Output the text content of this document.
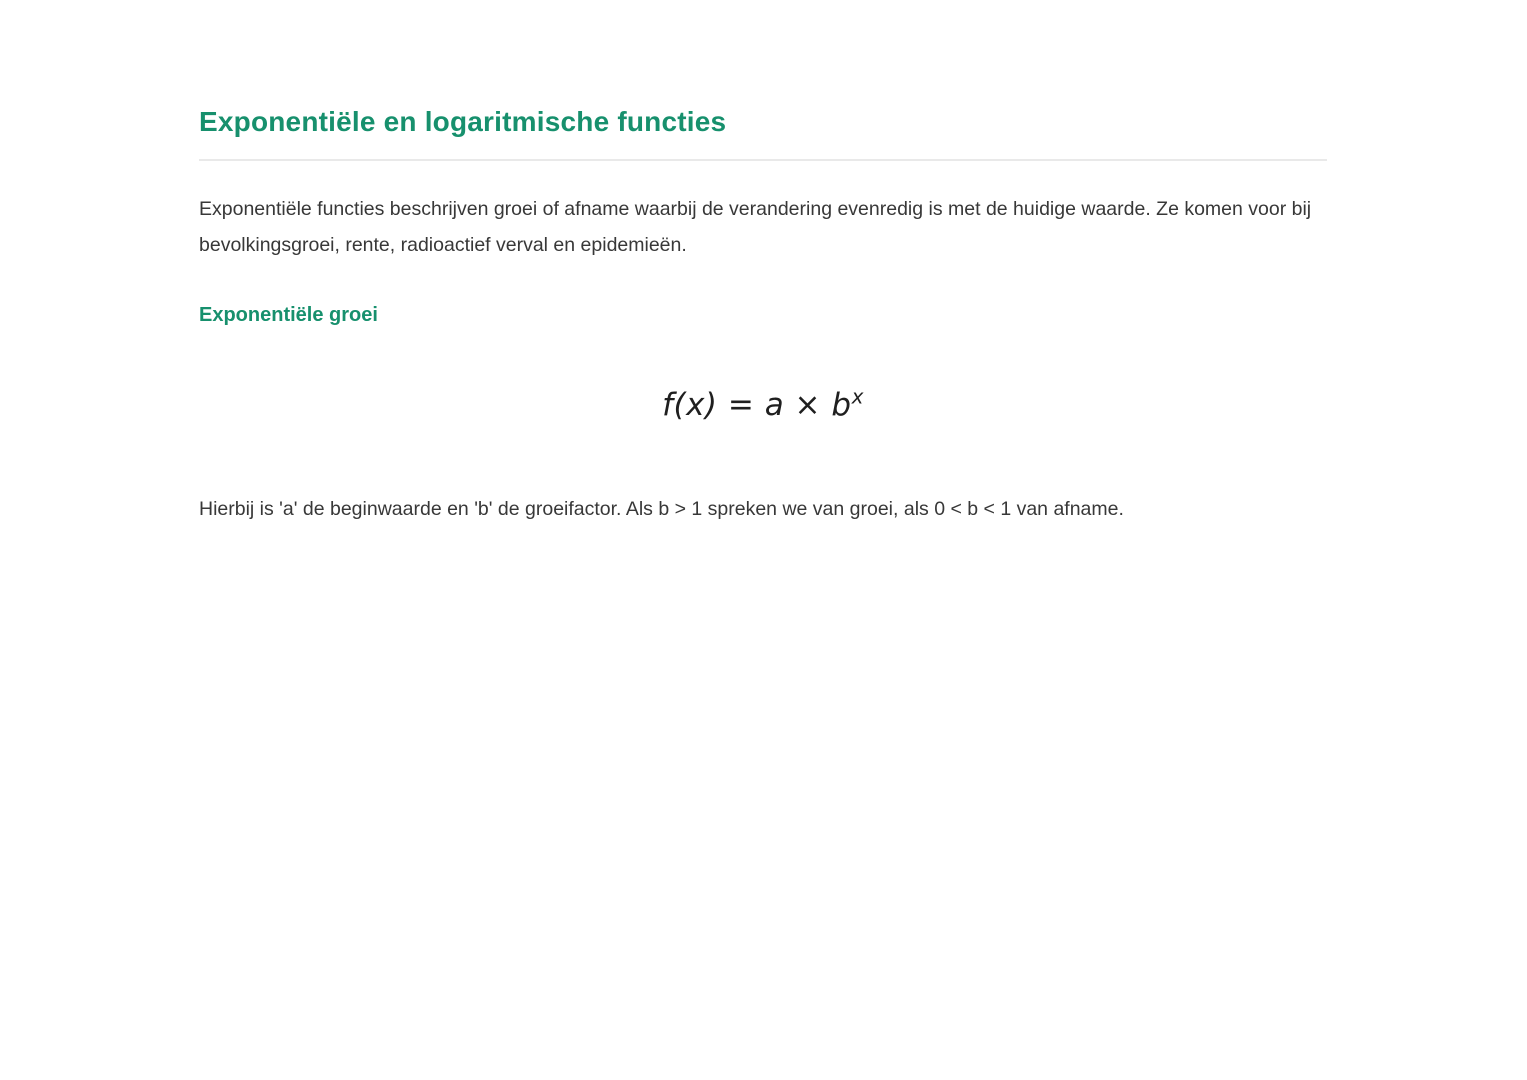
Exponentiële en logaritmische functies

Exponentiële functies beschrijven groei of afname waarbij de verandering evenredig is met de huidige waarde. Ze komen voor bij bevolkingsgroei, rente, radioactief verval en epidemieën.

Exponentiële groei
$f(x) = a \times b^x$

Hierbij is 'a' de beginwaarde en 'b' de groeifactor. Als b > 1 spreken we van groei, als 0 < b < 1 van afname.
